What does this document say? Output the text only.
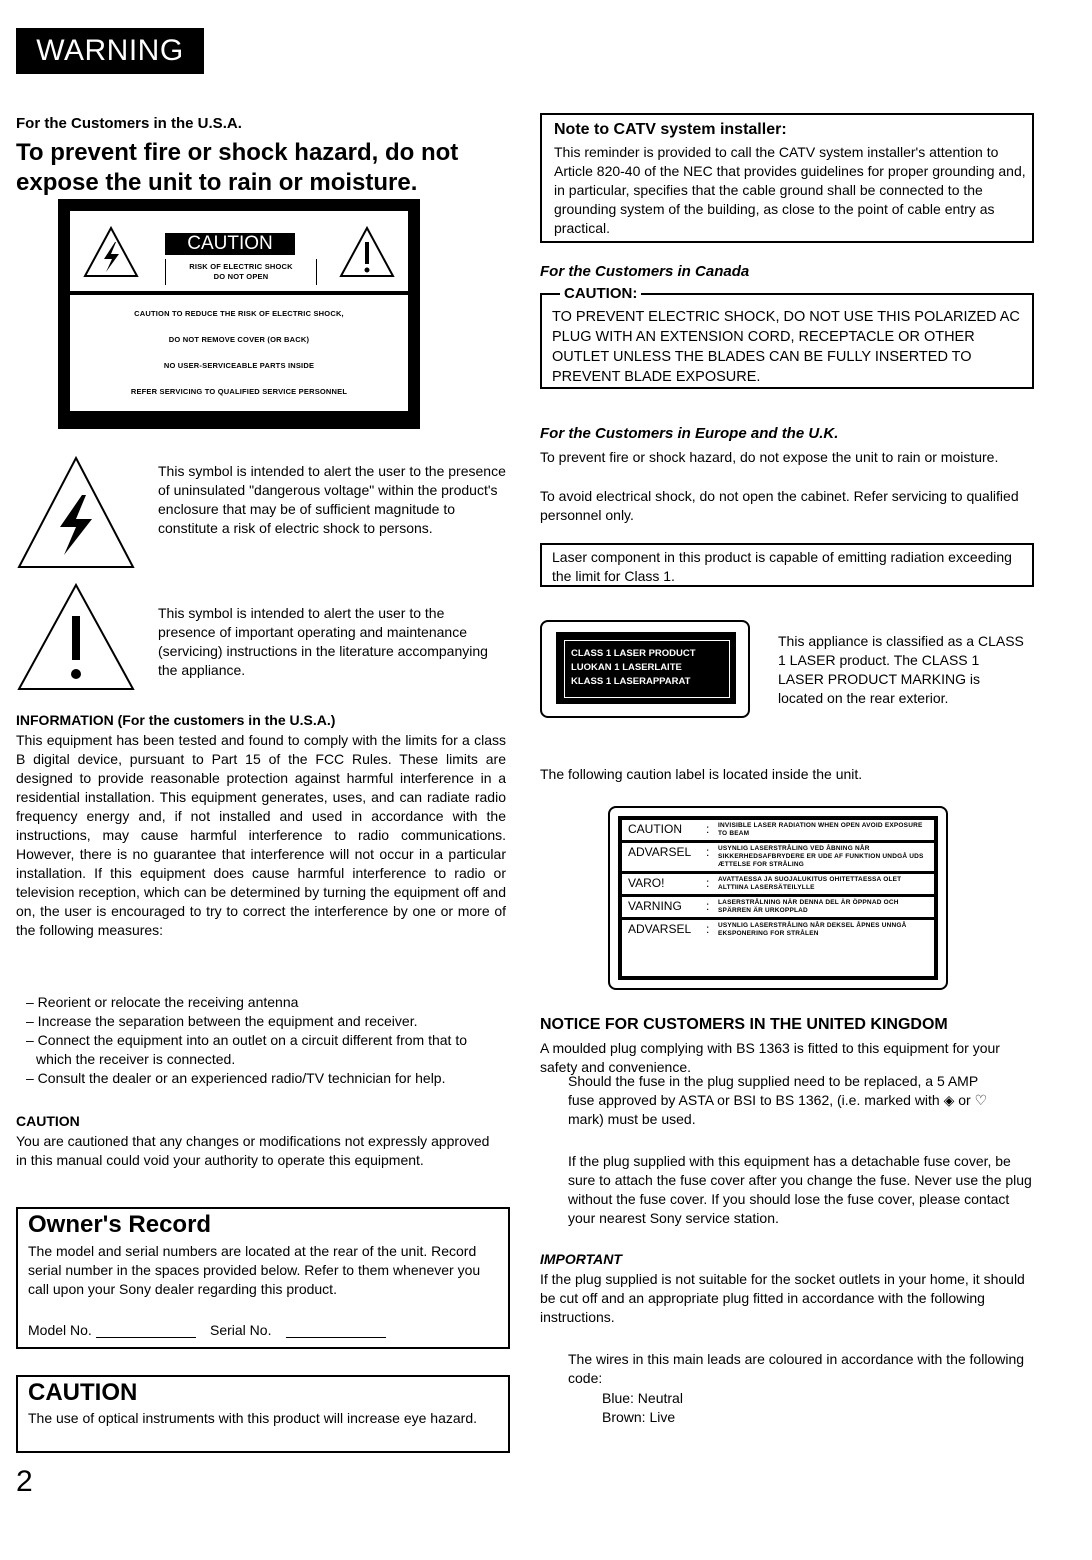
WARNING
For the Customers in the U.S.A.
To prevent fire or shock hazard, do not expose the unit to rain or moisture.
CAUTION
RISK OF ELECTRIC SHOCK
DO NOT OPEN
CAUTION TO REDUCE THE RISK OF ELECTRIC SHOCK,
DO NOT REMOVE COVER (OR BACK)
NO USER-SERVICEABLE PARTS INSIDE
REFER SERVICING TO QUALIFIED SERVICE PERSONNEL

This symbol is intended to alert the user to the presence of uninsulated "dangerous voltage" within the product's enclosure that may be of sufficient magnitude to constitute a risk of electric shock to persons.

This symbol is intended to alert the user to the presence of important operating and maintenance (servicing) instructions in the literature accompanying the appliance.

INFORMATION (For the customers in the U.S.A.)

This equipment has been tested and found to comply with the limits for a class B digital device, pursuant to Part 15 of the FCC Rules. These limits are designed to provide reasonable protection against harmful interference in a residential installation. This equipment generates, uses, and can radiate radio frequency energy and, if not installed and used in accordance with the instructions, may cause harmful interference to radio communications. However, there is no guarantee that interference will not occur in a particular installation. If this equipment does cause harmful interference to radio or television reception, which can be determined by turning the equipment off and on, the user is encouraged to try to correct the interference by one or more of the following measures:

– Reorient or relocate the receiving antenna
– Increase the separation between the equipment and receiver.
– Connect the equipment into an outlet on a circuit different from that to which the receiver is connected.
– Consult the dealer or an experienced radio/TV technician for help.
CAUTION

You are cautioned that any changes or modifications not expressly approved in this manual could void your authority to operate this equipment.

Owner's Record

The model and serial numbers are located at the rear of the unit. Record serial number in the spaces provided below. Refer to them whenever you call upon your Sony dealer regarding this product.

Model No.	Serial No.
CAUTION

The use of optical instruments with this product will increase eye hazard.

2
Note to CATV system installer:

This reminder is provided to call the CATV system installer's attention to Article 820-40 of the NEC that provides guidelines for proper grounding and, in particular, specifies that the cable ground shall be connected to the grounding system of the building, as close to the point of cable entry as practical.

For the Customers in Canada
CAUTION:

TO PREVENT ELECTRIC SHOCK, DO NOT USE THIS POLARIZED AC PLUG WITH AN EXTENSION CORD, RECEPTACLE OR OTHER OUTLET UNLESS THE BLADES CAN BE FULLY INSERTED TO PREVENT BLADE EXPOSURE.

For the Customers in Europe and the U.K.

To prevent fire or shock hazard, do not expose the unit to rain or moisture.

To avoid electrical shock, do not open the cabinet. Refer servicing to qualified personnel only.

Laser component in this product is capable of emitting radiation exceeding the limit for Class 1.

CLASS 1 LASER PRODUCT
LUOKAN 1 LASERLAITE
KLASS 1 LASERAPPARAT

This appliance is classified as a CLASS 1 LASER product. The CLASS 1 LASER PRODUCT MARKING is located on the rear exterior.

The following caution label is located inside the unit.

CAUTION	:	INVISIBLE LASER RADIATION WHEN OPEN AVOID EXPOSURE TO BEAM
ADVARSEL	:	USYNLIG LASERSTRÅLING VED ÅBNING NÅR SIKKERHEDSAFBRYDERE ER UDE AF FUNKTION UNDGÅ UDS ÆTTELSE FOR STRÅLING
VARO!	:	AVATTAESSA JA SUOJALUKITUS OHITETTAESSA OLET ALTTIINA LASERSÄTEILYLLE
VARNING	:	LASERSTRÅLNING NÄR DENNA DEL ÄR ÖPPNAD OCH SPÄRREN ÄR URKOPPLAD
ADVARSEL	:	USYNLIG LASERSTRÅLING NÅR DEKSEL ÅPNES UNNGÅ EKSPONERING FOR STRÅLEN
NOTICE FOR CUSTOMERS IN THE UNITED KINGDOM

A moulded plug complying with BS 1363 is fitted to this equipment for your safety and convenience.

Should the fuse in the plug supplied need to be replaced, a 5 AMP fuse approved by ASTA or BSI to BS 1362, (i.e. marked with ◈ or ♡ mark) must be used.

If the plug supplied with this equipment has a detachable fuse cover, be sure to attach the fuse cover after you change the fuse. Never use the plug without the fuse cover. If you should lose the fuse cover, please contact your nearest Sony service station.

IMPORTANT

If the plug supplied is not suitable for the socket outlets in your home, it should be cut off and an appropriate plug fitted in accordance with the following instructions.

The wires in this main leads are coloured in accordance with the following code:

Blue: Neutral
Brown: Live
